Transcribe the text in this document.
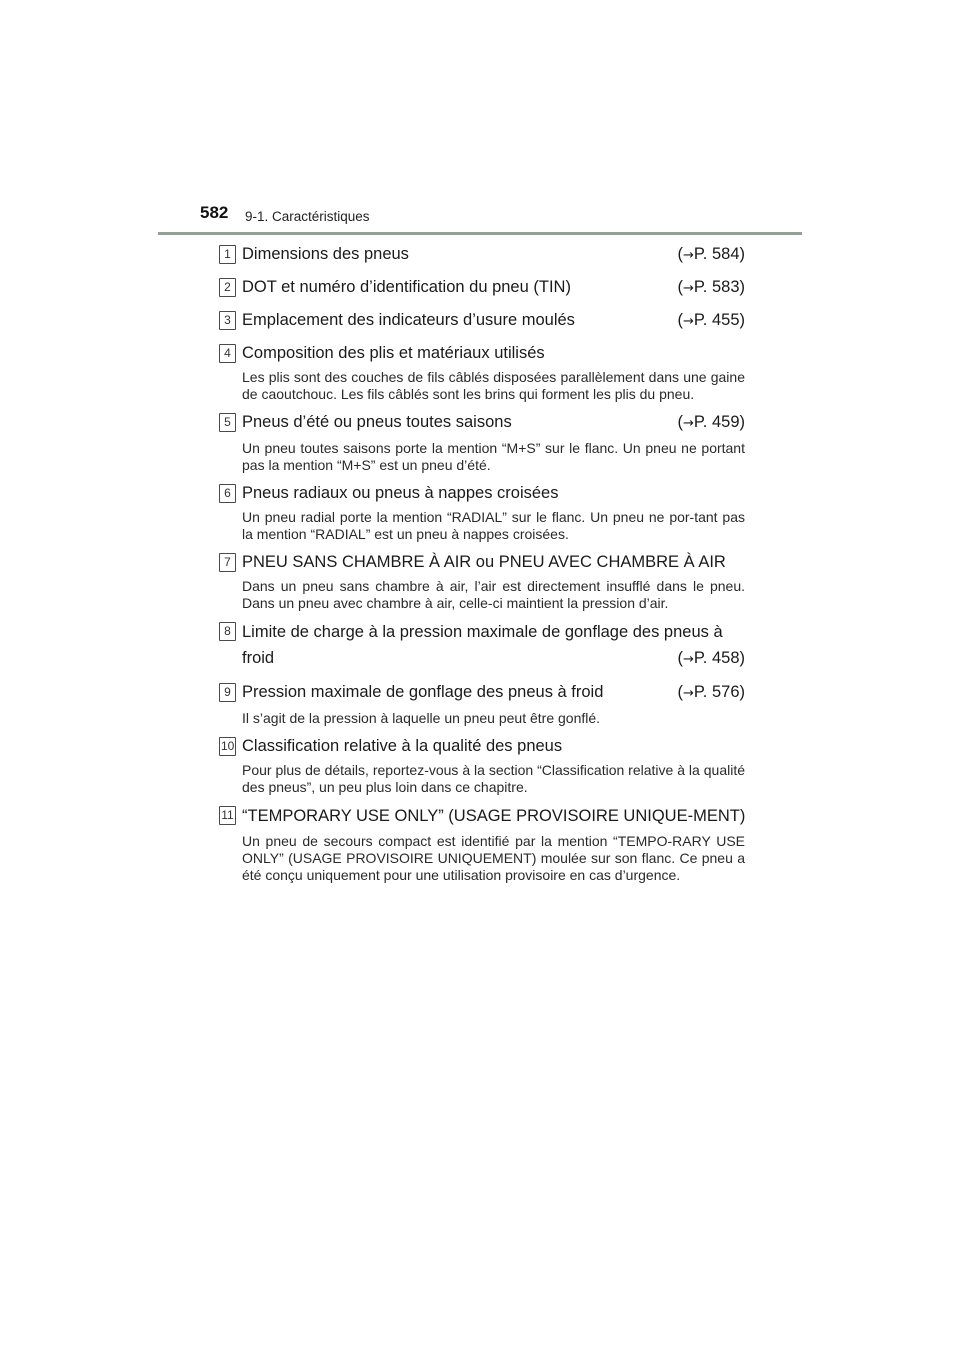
582 9-1. Caractéristiques
1 Dimensions des pneus	(→P. 584)
2 DOT et numéro d’identification du pneu (TIN)	(→P. 583)
3 Emplacement des indicateurs d’usure moulés	(→P. 455)
4 Composition des plis et matériaux utilisés

Les plis sont des couches de fils câblés disposées parallèlement dans une gaine de caoutchouc. Les fils câblés sont les brins qui forment les plis du pneu.

5 Pneus d’été ou pneus toutes saisons	(→P. 459)

Un pneu toutes saisons porte la mention “M+S” sur le flanc. Un pneu ne portant pas la mention “M+S” est un pneu d’été.

6 Pneus radiaux ou pneus à nappes croisées

Un pneu radial porte la mention “RADIAL” sur le flanc. Un pneu ne por-tant pas la mention “RADIAL” est un pneu à nappes croisées.

7 PNEU SANS CHAMBRE À AIR ou PNEU AVEC CHAMBRE À AIR

Dans un pneu sans chambre à air, l’air est directement insufflé dans le pneu. Dans un pneu avec chambre à air, celle-ci maintient la pression d’air.

8 Limite de charge à la pression maximale de gonflage des pneus à
froid	(→P. 458)
9 Pression maximale de gonflage des pneus à froid	(→P. 576)

Il s’agit de la pression à laquelle un pneu peut être gonflé.

10 Classification relative à la qualité des pneus

Pour plus de détails, reportez-vous à la section “Classification relative à la qualité des pneus”, un peu plus loin dans ce chapitre.

11 “TEMPORARY USE ONLY” (USAGE PROVISOIRE UNIQUE-MENT)

Un pneu de secours compact est identifié par la mention “TEMPO-RARY USE ONLY” (USAGE PROVISOIRE UNIQUEMENT) moulée sur son flanc. Ce pneu a été conçu uniquement pour une utilisation provisoire en cas d’urgence.
